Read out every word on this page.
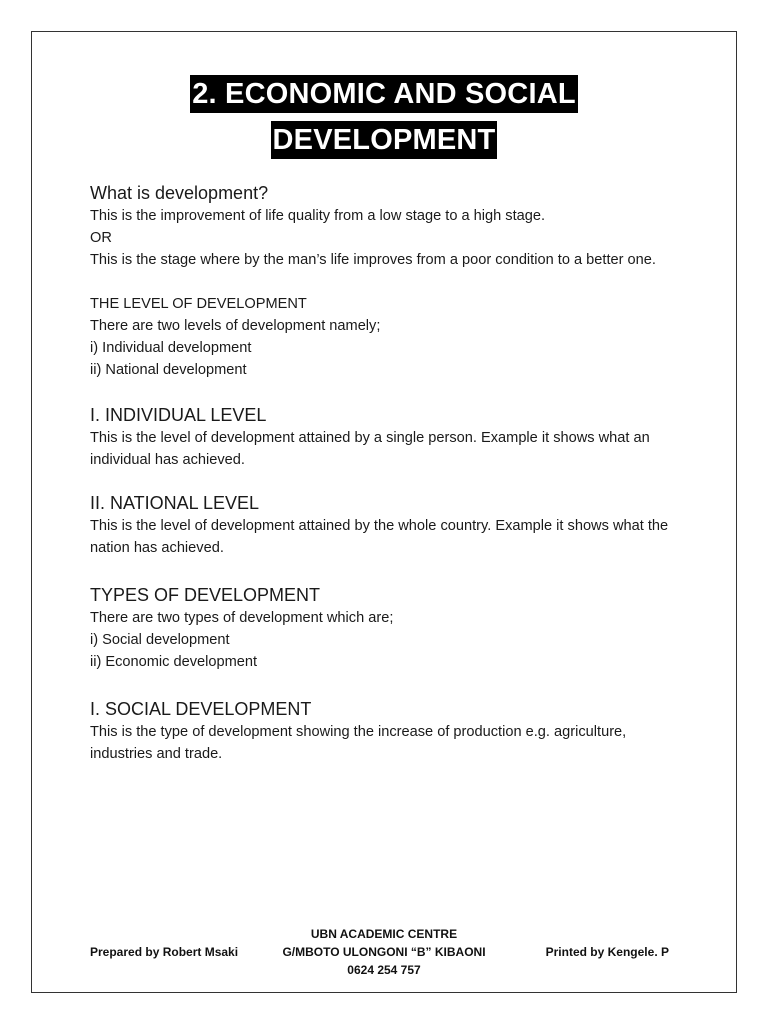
2. ECONOMIC AND SOCIAL
DEVELOPMENT

What is development?

This is the improvement of life quality from a low stage to a high stage.

OR

This is the stage where by the man’s life improves from a poor condition to a better one.

THE LEVEL OF DEVELOPMENT

There are two levels of development namely;

i) Individual development

ii) National development

I. INDIVIDUAL LEVEL

This is the level of development attained by a single person. Example it shows what an individual has achieved.

II. NATIONAL LEVEL

This is the level of development attained by the whole country. Example it shows what the nation has achieved.

TYPES OF DEVELOPMENT

There are two types of development which are;

i) Social development

ii) Economic development

I. SOCIAL DEVELOPMENT

This is the type of development showing the increase of production e.g. agriculture, industries and trade.

UBN ACADEMIC CENTRE
G/MBOTO ULONGONI “B” KIBAONI
0624 254 757
Prepared by Robert Msaki	Printed by Kengele. P
